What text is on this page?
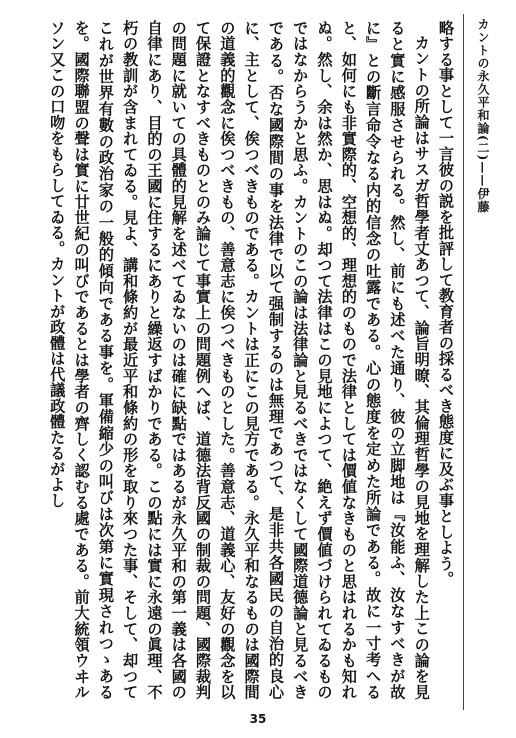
カントの永久平和論(二)——伊藤

略する事として一言彼の説を批評して教育者の採るべき態度に及ぶ事としよう。

カントの所論はサスガ哲學者丈あつて、論旨明暸、其倫理哲學の見地を理解した上この論を見ると實に感服させられる。然し、前にも述べた通り、彼の立脚地は『汝能ふ、汝なすべきが故に』との斷言命令なる内的信念の吐露である。心の態度を定めた所論である。故に一寸考へると、如何にも非實際的、空想的、理想的のもので法律としては價値なきものと思はれるかも知れぬ。然し、余は然か、思はぬ。却つて法律はこの見地によつて、絶えず價値づけられてゐるものではなからうかと思ふ。カントのこの論は法律論と見るべきではなくして國際道德論と見るべきである。否な國際間の事を法律で以て强制するのは無理であつて、是非共各國民の自治的良心に、主として、俟つべきものである。カントは正にこの見方である。永久平和なるものは國際間の道義的觀念に俟つべきもの、善意志に俟つべきものとした。善意志、道義心、友好の觀念を以て保證となすべきものとのみ論じて事實上の問題例へば、道德法背反國の制裁の問題、國際裁判の問題に就いての具體的見解を述べてゐないのは確に缺點ではあるが永久平和の第一義は各國の自律にあり、目的の王國に住するにありと繰返すばかりである。この點には實に永遠の眞理、不朽の教訓が含まれてゐる。見よ、講和條約が最近平和條約の形を取り來つた事、そして、却つてこれが世界有數の政治家の一般的傾向である事を。軍備縮少の叫びは次第に實現されつゝあるを。國際聯盟の聲は實に廿世紀の叫びであるとは學者の齊しく認むる處である。前大統領ウヰルソン又この口吻をもらしてゐる。カントが政體は代議政體たるがよし

35
